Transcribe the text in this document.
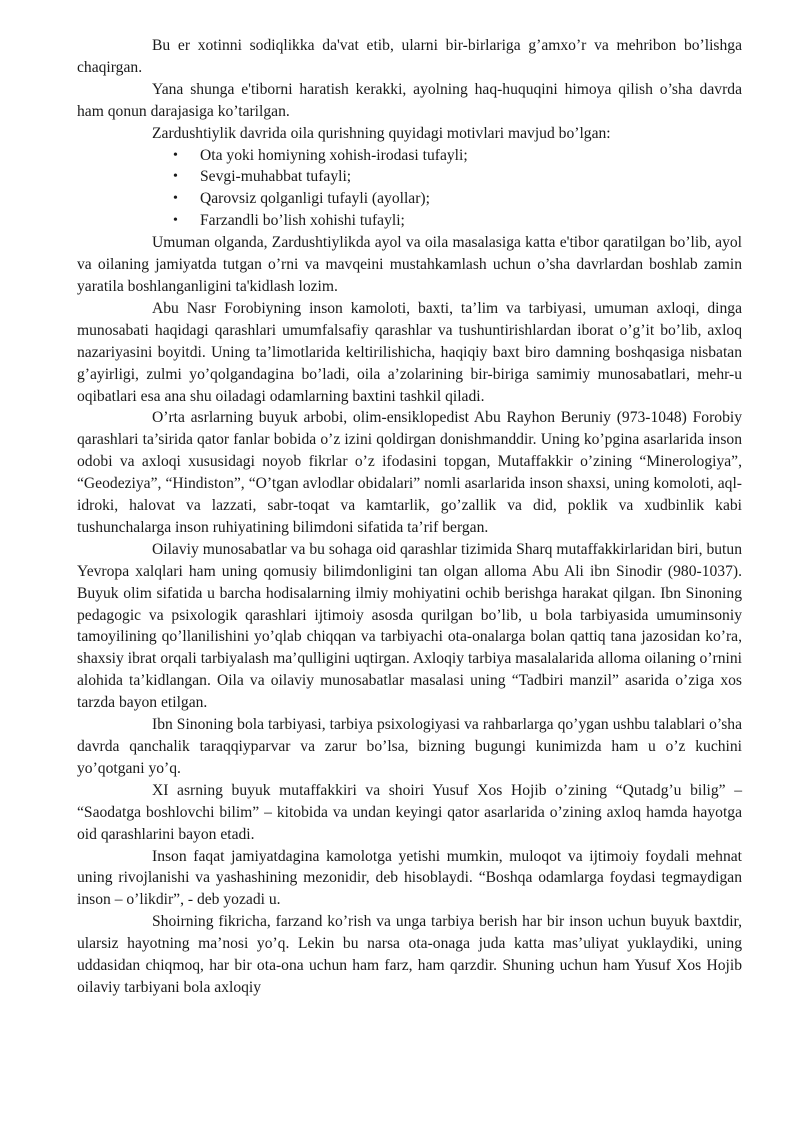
Bu er xotinni sodiqlikka da'vat etib, ularni bir-birlariga g’amxo’r va mehribon bo’lishga chaqirgan.

Yana shunga e'tiborni haratish kerakki, ayolning haq-huquqini himoya qilish o’sha davrda ham qonun darajasiga ko’tarilgan.

Zardushtiylik davrida oila qurishning quyidagi motivlari mavjud bo’lgan:

• Ota yoki homiyning xohish-irodasi tufayli;
• Sevgi-muhabbat tufayli;
• Qarovsiz qolganligi tufayli (ayollar);
• Farzandli bo’lish xohishi tufayli;

Umuman olganda, Zardushtiylikda ayol va oila masalasiga katta e'tibor qaratilgan bo’lib, ayol va oilaning jamiyatda tutgan o’rni va mavqeini mustahkamlash uchun o’sha davrlardan boshlab zamin yaratila boshlanganligini ta'kidlash lozim.

Abu Nasr Forobiyning inson kamoloti, baxti, ta’lim va tarbiyasi, umuman axloqi, dinga munosabati haqidagi qarashlari umumfalsafiy qarashlar va tushuntirishlardan iborat o’g’it bo’lib, axloq nazariyasini boyitdi. Uning ta’limotlarida keltirilishicha, haqiqiy baxt biro damning boshqasiga nisbatan g’ayirligi, zulmi yo’qolgandagina bo’ladi, oila a’zolarining bir-biriga samimiy munosabatlari, mehr-u oqibatlari esa ana shu oiladagi odamlarning baxtini tashkil qiladi.

O’rta asrlarning buyuk arbobi, olim-ensiklopedist Abu Rayhon Beruniy (973-1048) Forobiy qarashlari ta’sirida qator fanlar bobida o’z izini qoldirgan donishmanddir. Uning ko’pgina asarlarida inson odobi va axloqi xususidagi noyob fikrlar o’z ifodasini topgan, Mutaffakkir o’zining “Minerologiya”, “Geodeziya”, “Hindiston”, “O’tgan avlodlar obidalari” nomli asarlarida inson shaxsi, uning komoloti, aql-idroki, halovat va lazzati, sabr-toqat va kamtarlik, go’zallik va did, poklik va xudbinlik kabi tushunchalarga inson ruhiyatining bilimdoni sifatida ta’rif bergan.

Oilaviy munosabatlar va bu sohaga oid qarashlar tizimida Sharq mutaffakkirlaridan biri, butun Yevropa xalqlari ham uning qomusiy bilimdonligini tan olgan alloma Abu Ali ibn Sinodir (980-1037). Buyuk olim sifatida u barcha hodisalarning ilmiy mohiyatini ochib berishga harakat qilgan. Ibn Sinoning pedagogic va psixologik qarashlari ijtimoiy asosda qurilgan bo’lib, u bola tarbiyasida umuminsoniy tamoyilining qo’llanilishini yo’qlab chiqqan va tarbiyachi ota-onalarga bolan qattiq tana jazosidan ko’ra, shaxsiy ibrat orqali tarbiyalash ma’qulligini uqtirgan. Axloqiy tarbiya masalalarida alloma oilaning o’rnini alohida ta’kidlangan. Oila va oilaviy munosabatlar masalasi uning “Tadbiri manzil” asarida o’ziga xos tarzda bayon etilgan.

Ibn Sinoning bola tarbiyasi, tarbiya psixologiyasi va rahbarlarga qo’ygan ushbu talablari o’sha davrda qanchalik taraqqiyparvar va zarur bo’lsa, bizning bugungi kunimizda ham u o’z kuchini yo’qotgani yo’q.

XI asrning buyuk mutaffakkiri va shoiri Yusuf Xos Hojib o’zining “Qutadg’u bilig” – “Saodatga boshlovchi bilim” – kitobida va undan keyingi qator asarlarida o’zining axloq hamda hayotga oid qarashlarini bayon etadi.

Inson faqat jamiyatdagina kamolotga yetishi mumkin, muloqot va ijtimoiy foydali mehnat uning rivojlanishi va yashashining mezonidir, deb hisoblaydi. “Boshqa odamlarga foydasi tegmaydigan inson – o’likdir”, - deb yozadi u.

Shoirning fikricha, farzand ko’rish va unga tarbiya berish har bir inson uchun buyuk baxtdir, ularsiz hayotning ma’nosi yo’q. Lekin bu narsa ota-onaga juda katta mas’uliyat yuklaydiki, uning uddasidan chiqmoq, har bir ota-ona uchun ham farz, ham qarzdir. Shuning uchun ham Yusuf Xos Hojib oilaviy tarbiyani bola axloqiy
